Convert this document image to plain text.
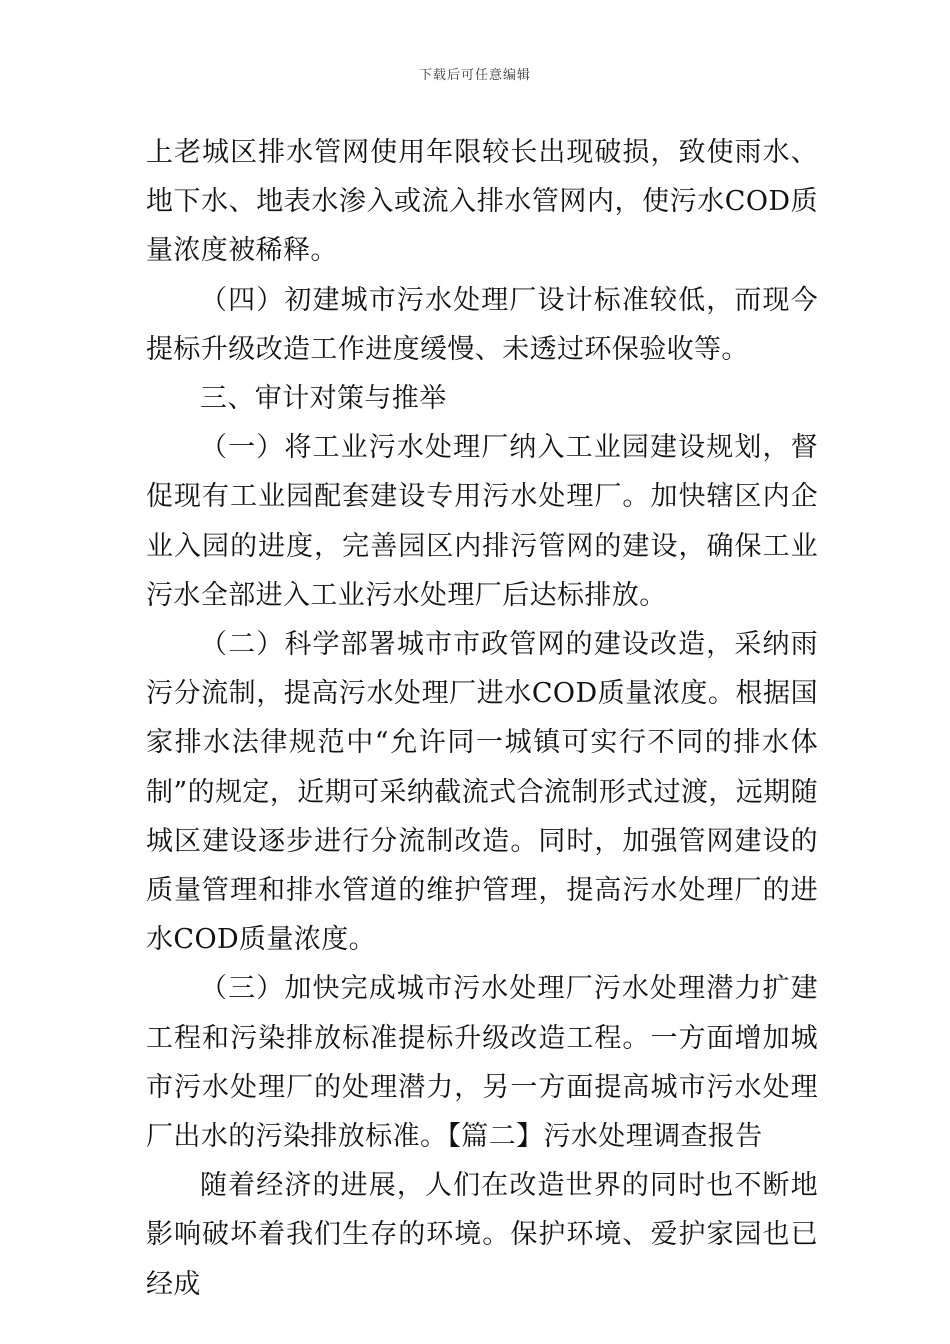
下载后可任意编辑

上老城区排水管网使用年限较长出现破损，致使雨水、地下水、地表水渗入或流入排水管网内，使污水COD质量浓度被稀释。

（四）初建城市污水处理厂设计标准较低，而现今提标升级改造工作进度缓慢、未透过环保验收等。

三、审计对策与推举

（一）将工业污水处理厂纳入工业园建设规划，督促现有工业园配套建设专用污水处理厂。加快辖区内企业入园的进度，完善园区内排污管网的建设，确保工业污水全部进入工业污水处理厂后达标排放。

（二）科学部署城市市政管网的建设改造，采纳雨污分流制，提高污水处理厂进水COD质量浓度。根据国家排水法律规范中“允许同一城镇可实行不同的排水体制”的规定，近期可采纳截流式合流制形式过渡，远期随城区建设逐步进行分流制改造。同时，加强管网建设的质量管理和排水管道的维护管理，提高污水处理厂的进水COD质量浓度。

（三）加快完成城市污水处理厂污水处理潜力扩建工程和污染排放标准提标升级改造工程。一方面增加城市污水处理厂的处理潜力，另一方面提高城市污水处理厂出水的污染排放标准。【篇二】污水处理调查报告

随着经济的进展，人们在改造世界的同时也不断地影响破坏着我们生存的环境。保护环境、爱护家园也已经成
